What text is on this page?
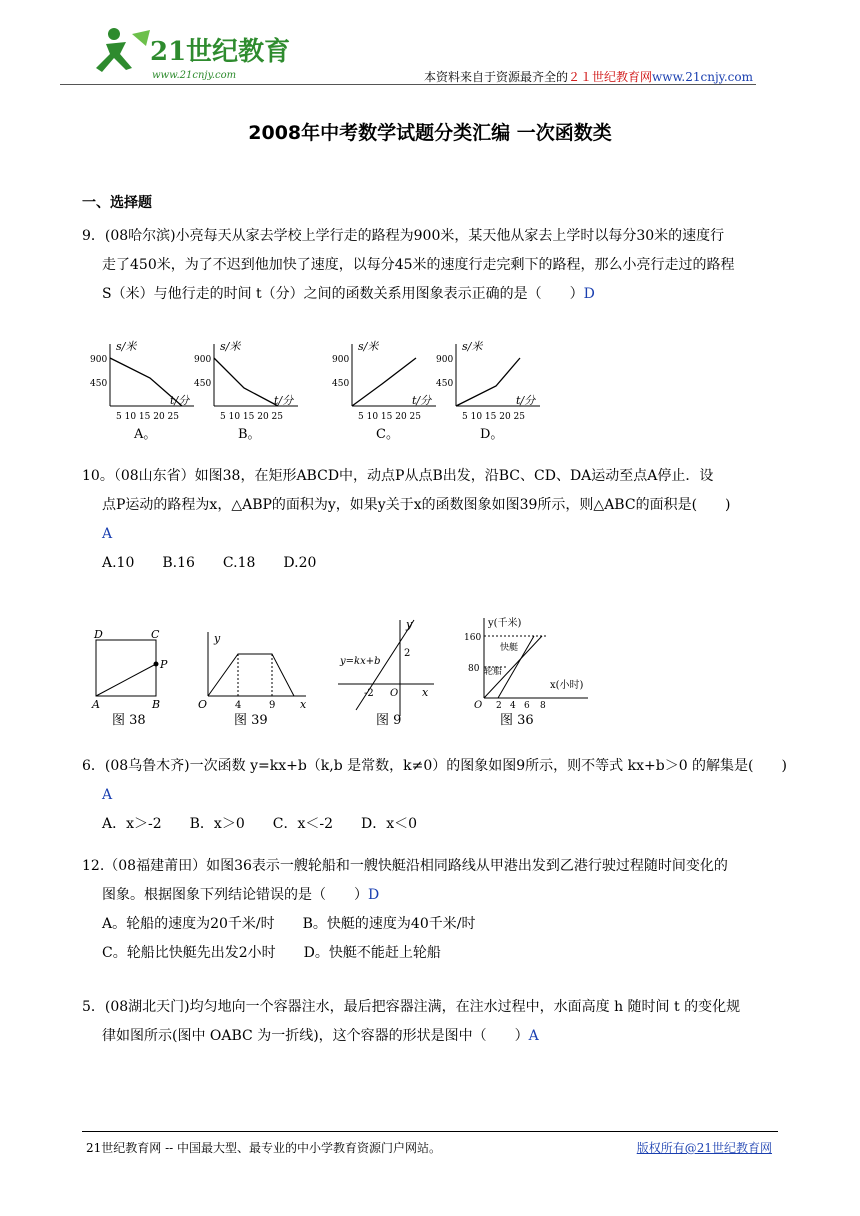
21世纪教育
www.21cnjy.com	本资料来自于资源最齐全的２１世纪教育网www.21cnjy.com
2008年中考数学试题分类汇编 一次函数类
一、选择题
9．(08哈尔滨)小亮每天从家去学校上学行走的路程为900米，某天他从家去上学时以每分30米的速度行
走了450米，为了不迟到他加快了速度，以每分45米的速度行走完剩下的路程，那么小亮行走过的路程
S（米）与他行走的时间 t（分）之间的函数关系用图象表示正确的是（　　）D
s/米
900
450
t/分
5 10 15 20 25
A。
s/米
900
450
t/分
5 10 15 20 25
B。
s/米
900
450
t/分
5 10 15 20 25
C。
s/米
900
450
t/分
5 10 15 20 25
D。
10。（08山东省）如图38，在矩形ABCD中，动点P从点B出发，沿BC、CD、DA运动至点A停止．设
点P运动的路程为x，△ABP的面积为y，如果y关于x的函数图象如图39所示，则△ABC的面积是(　　)
A
A.10　　B.16　　C.18　　D.20
D	C
P
A	B
图 38
y
O	4	9 x
图 39
y
y=kx+b
2
-2 O x
图 9
y(千米)
160
80
快艇
轮船
x(小时)
O 2 4 6 8
图 36
6．(08乌鲁木齐)一次函数 y=kx+b（k,b 是常数，k≠0）的图象如图9所示，则不等式 kx+b＞0 的解集是(　　)
A
A．x＞-2　　B．x＞0　　C．x＜-2　　D．x＜0
12.（08福建莆田）如图36表示一艘轮船和一艘快艇沿相同路线从甲港出发到乙港行驶过程随时间变化的
图象。根据图象下列结论错误的是（　　）D
A。轮船的速度为20千米/时　　B。快艇的速度为40千米/时
C。轮船比快艇先出发2小时　　D。快艇不能赶上轮船
5．(08湖北天门)均匀地向一个容器注水，最后把容器注满，在注水过程中，水面高度 h 随时间 t 的变化规
律如图所示(图中 OABC 为一折线)，这个容器的形状是图中（　　）A
21世纪教育网 -- 中国最大型、最专业的中小学教育资源门户网站。	版权所有@21世纪教育网
